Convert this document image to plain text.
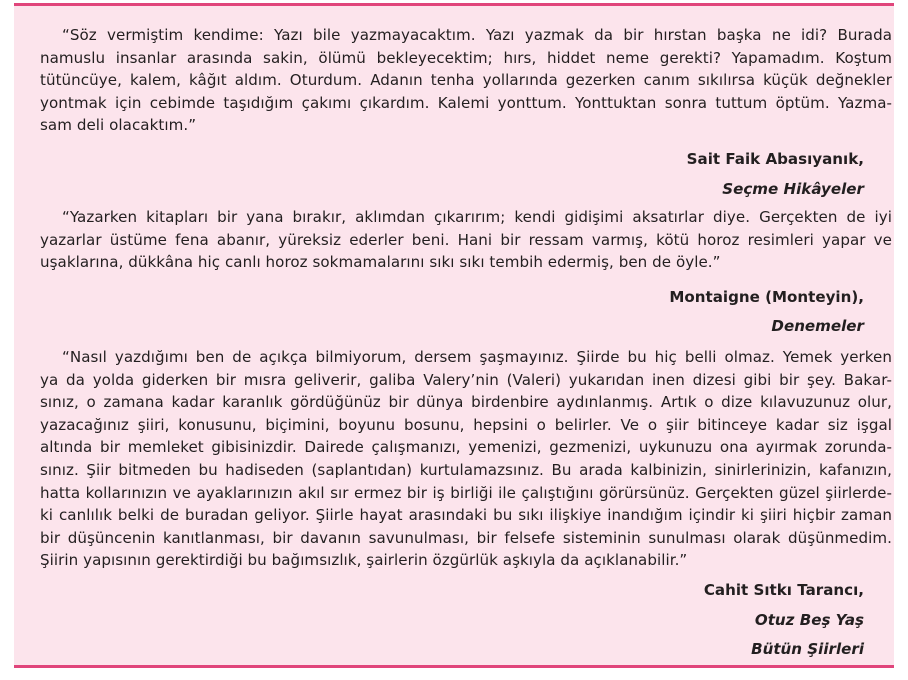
“Söz vermiştim kendime: Yazı bile yazmayacaktım. Yazı yazmak da bir hırstan başka ne idi? Burada
namuslu insanlar arasında sakin, ölümü bekleyecektim; hırs, hiddet neme gerekti? Yapamadım. Koştum
tütüncüye, kalem, kâğıt aldım. Oturdum. Adanın tenha yollarında gezerken canım sıkılırsa küçük değnekler
yontmak için cebimde taşıdığım çakımı çıkardım. Kalemi yonttum. Yonttuktan sonra tuttum öptüm. Yazma-
sam deli olacaktım.”
Sait Faik Abasıyanık,
Seçme Hikâyeler
“Yazarken kitapları bir yana bırakır, aklımdan çıkarırım; kendi gidişimi aksatırlar diye. Gerçekten de iyi
yazarlar üstüme fena abanır, yüreksiz ederler beni. Hani bir ressam varmış, kötü horoz resimleri yapar ve
uşaklarına, dükkâna hiç canlı horoz sokmamalarını sıkı sıkı tembih edermiş, ben de öyle.”
Montaigne (Monteyin),
Denemeler
“Nasıl yazdığımı ben de açıkça bilmiyorum, dersem şaşmayınız. Şiirde bu hiç belli olmaz. Yemek yerken
ya da yolda giderken bir mısra geliverir, galiba Valery’nin (Valeri) yukarıdan inen dizesi gibi bir şey. Bakar-
sınız, o zamana kadar karanlık gördüğünüz bir dünya birdenbire aydınlanmış. Artık o dize kılavuzunuz olur,
yazacağınız şiiri, konusunu, biçimini, boyunu bosunu, hepsini o belirler. Ve o şiir bitinceye kadar siz işgal
altında bir memleket gibisinizdir. Dairede çalışmanızı, yemenizi, gezmenizi, uykunuzu ona ayırmak zorunda-
sınız. Şiir bitmeden bu hadiseden (saplantıdan) kurtulamazsınız. Bu arada kalbinizin, sinirlerinizin, kafanızın,
hatta kollarınızın ve ayaklarınızın akıl sır ermez bir iş birliği ile çalıştığını görürsünüz. Gerçekten güzel şiirlerde-
ki canlılık belki de buradan geliyor. Şiirle hayat arasındaki bu sıkı ilişkiye inandığım içindir ki şiiri hiçbir zaman
bir düşüncenin kanıtlanması, bir davanın savunulması, bir felsefe sisteminin sunulması olarak düşünmedim.
Şiirin yapısının gerektirdiği bu bağımsızlık, şairlerin özgürlük aşkıyla da açıklanabilir.”
Cahit Sıtkı Tarancı,
Otuz Beş Yaş
Bütün Şiirleri
